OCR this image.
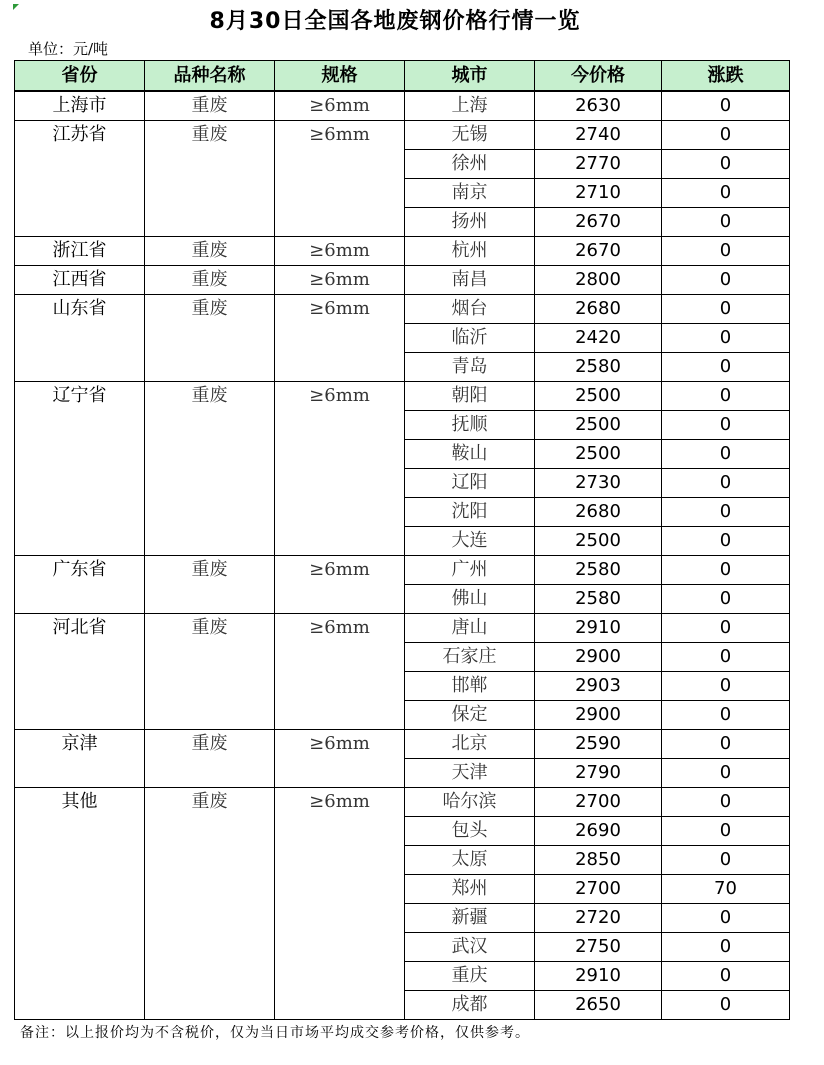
8月30日全国各地废钢价格行情一览
单位：元/吨
省份	品种名称	规格	城市	今价格	涨跌
上海市	重废	≥6mm	上海	2630	0
江苏省	重废	≥6mm	无锡	2740	0
			徐州	2770	0
			南京	2710	0
			扬州	2670	0
浙江省	重废	≥6mm	杭州	2670	0
江西省	重废	≥6mm	南昌	2800	0
山东省	重废	≥6mm	烟台	2680	0
			临沂	2420	0
			青岛	2580	0
辽宁省	重废	≥6mm	朝阳	2500	0
			抚顺	2500	0
			鞍山	2500	0
			辽阳	2730	0
			沈阳	2680	0
			大连	2500	0
广东省	重废	≥6mm	广州	2580	0
			佛山	2580	0
河北省	重废	≥6mm	唐山	2910	0
			石家庄	2900	0
			邯郸	2903	0
			保定	2900	0
京津	重废	≥6mm	北京	2590	0
			天津	2790	0
其他	重废	≥6mm	哈尔滨	2700	0
			包头	2690	0
			太原	2850	0
			郑州	2700	70
			新疆	2720	0
			武汉	2750	0
			重庆	2910	0
			成都	2650	0
备注：以上报价均为不含税价，仅为当日市场平均成交参考价格，仅供参考。
